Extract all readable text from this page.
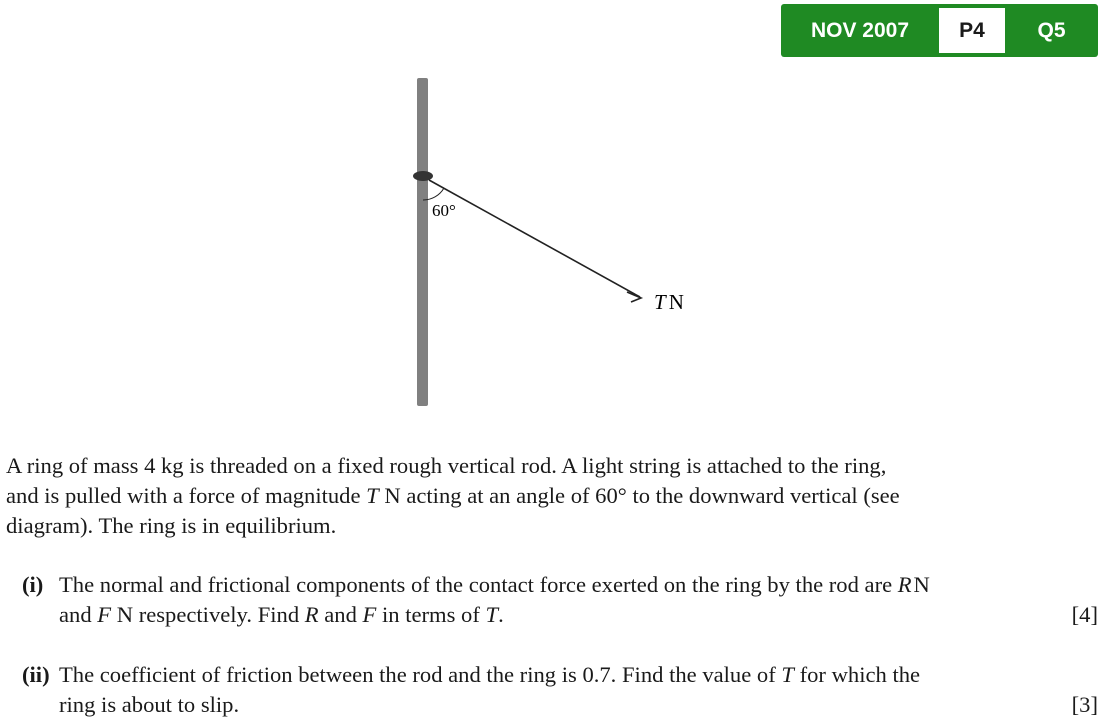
NOV 2007	P4	Q5
60°
T N
A ring of mass 4 kg is threaded on a fixed rough vertical rod. A light string is attached to the ring,
and is pulled with a force of magnitude T N acting at an angle of 60° to the downward vertical (see
diagram). The ring is in equilibrium.
(i) The normal and frictional components of the contact force exerted on the ring by the rod are R N
and F N respectively. Find R and F in terms of T.	[4]
(ii) The coefficient of friction between the rod and the ring is 0.7. Find the value of T for which the
ring is about to slip.	[3]
